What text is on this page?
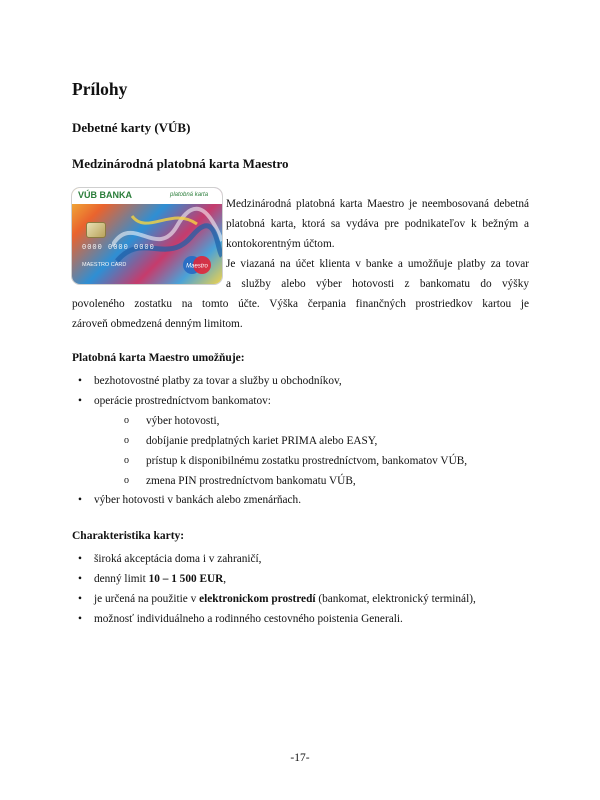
Prílohy
Debetné karty (VÚB)
Medzinárodná platobná karta Maestro
VÚB BANKA	platobná karta
0000 0000 0000
MAESTRO CARD	Maestro

Medzinárodná platobná karta Maestro je neembosovaná debetná platobná karta, ktorá sa vydáva pre podnikateľov k bežným a kontokorentným účtom.

Je viazaná na účet klienta v banke a umožňuje platby za tovar

a služby alebo výber hotovosti z bankomatu do výšky

povoleného zostatku na tomto účte. Výška čerpania finančných prostriedkov kartou je

zároveň obmedzená denným limitom.

Platobná karta Maestro umožňuje:
• bezhotovostné platby za tovar a služby u obchodníkov,
• operácie prostredníctvom bankomatov:
o výber hotovosti,
o dobíjanie predplatných kariet PRIMA alebo EASY,
o prístup k disponibilnému zostatku prostredníctvom, bankomatov VÚB,
o zmena PIN prostredníctvom bankomatu VÚB,
• výber hotovosti v bankách alebo zmenárňach.
Charakteristika karty:
• široká akceptácia doma i v zahraničí,
• denný limit 10 – 1 500 EUR,
• je určená na použitie v elektronickom prostredí (bankomat, elektronický terminál),
• možnosť individuálneho a rodinného cestovného poistenia Generali.
-17-
